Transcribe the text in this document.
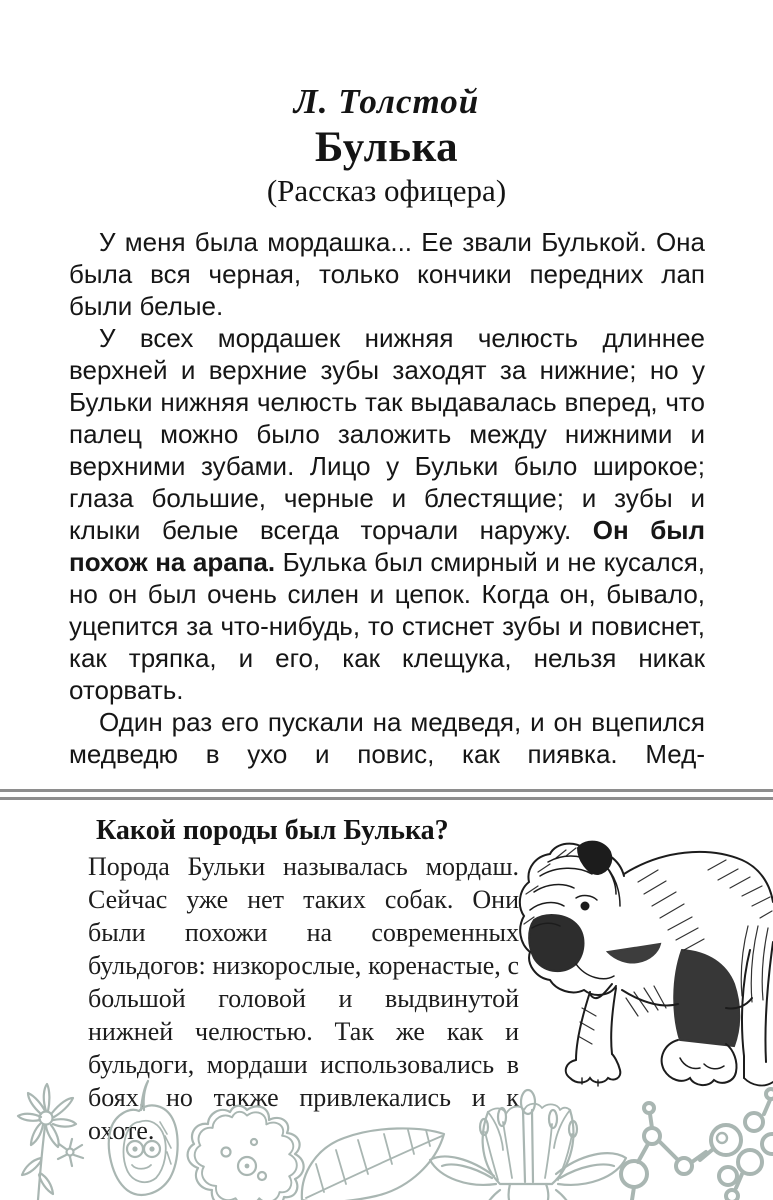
Л. Толстой
Булька
(Рассказ офицера)

У меня была мордашка... Ее звали Булькой. Она была вся черная, только кончики передних лап были белые.

У всех мордашек нижняя челюсть длиннее верхней и верхние зубы заходят за нижние; но у Бульки нижняя челюсть так выдавалась вперед, что палец можно было заложить между нижними и верхними зубами. Лицо у Бульки было широкое; глаза большие, черные и блестящие; и зубы и клыки белые всегда торчали наружу. Он был похож на арапа. Булька был смирный и не кусался, но он был очень силен и цепок. Когда он, бывало, уцепится за что-нибудь, то стиснет зубы и повиснет, как тряпка, и его, как клещука, нельзя никак оторвать.

Один раз его пускали на медведя, и он вцепился медведю в ухо и повис, как пиявка. Мед-

Какой породы был Булька?
Порода Бульки называлась мордаш. Сейчас уже нет таких собак. Они были похожи на современных бульдогов: низкорослые, коренастые, с большой головой и выдвинутой нижней челюстью. Так же как и бульдоги, мордаши использовались в боях, но также привлекались и к охоте.
